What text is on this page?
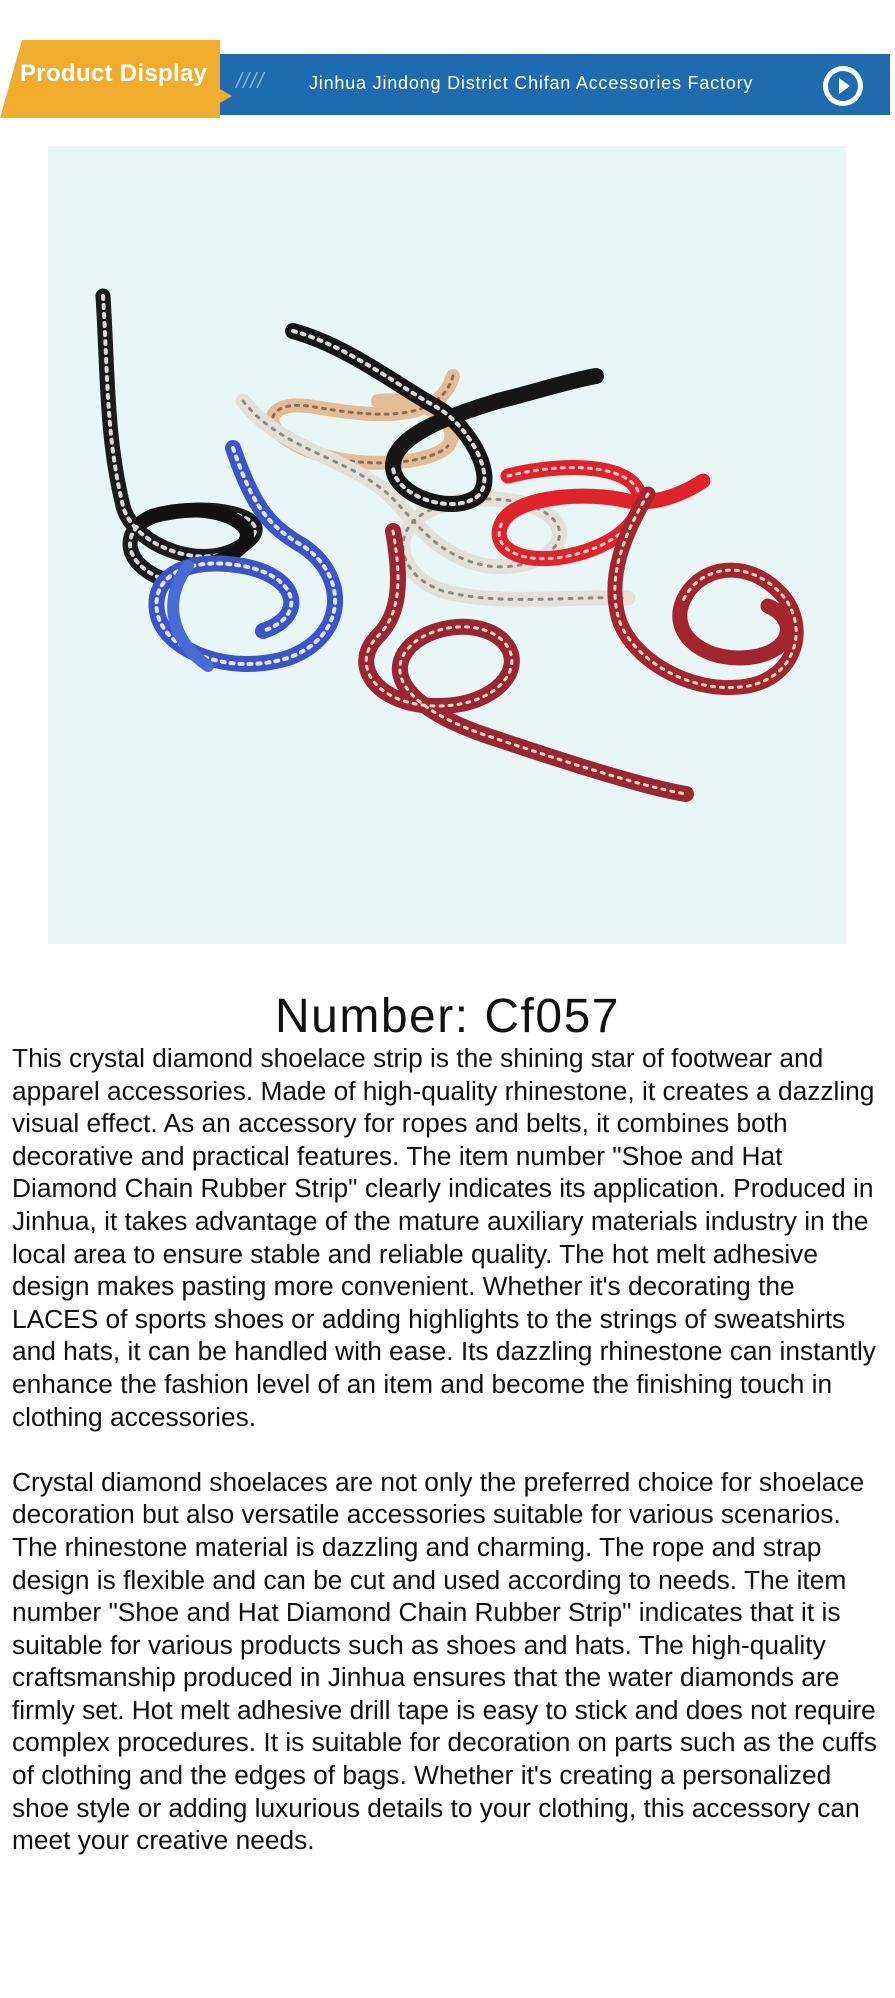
Product Display //// Jinhua Jindong District Chifan Accessories Factory
Number: Cf057

This crystal diamond shoelace strip is the shining star of footwear and apparel accessories. Made of high-quality rhinestone, it creates a dazzling visual effect. As an accessory for ropes and belts, it combines both decorative and practical features. The item number "Shoe and Hat Diamond Chain Rubber Strip" clearly indicates its application. Produced in Jinhua, it takes advantage of the mature auxiliary materials industry in the local area to ensure stable and reliable quality. The hot melt adhesive design makes pasting more convenient. Whether it's decorating the LACES of sports shoes or adding highlights to the strings of sweatshirts and hats, it can be handled with ease. Its dazzling rhinestone can instantly enhance the fashion level of an item and become the finishing touch in clothing accessories.

Crystal diamond shoelaces are not only the preferred choice for shoelace decoration but also versatile accessories suitable for various scenarios. The rhinestone material is dazzling and charming. The rope and strap design is flexible and can be cut and used according to needs. The item number "Shoe and Hat Diamond Chain Rubber Strip" indicates that it is suitable for various products such as shoes and hats. The high-quality craftsmanship produced in Jinhua ensures that the water diamonds are firmly set. Hot melt adhesive drill tape is easy to stick and does not require complex procedures. It is suitable for decoration on parts such as the cuffs of clothing and the edges of bags. Whether it's creating a personalized shoe style or adding luxurious details to your clothing, this accessory can meet your creative needs.
